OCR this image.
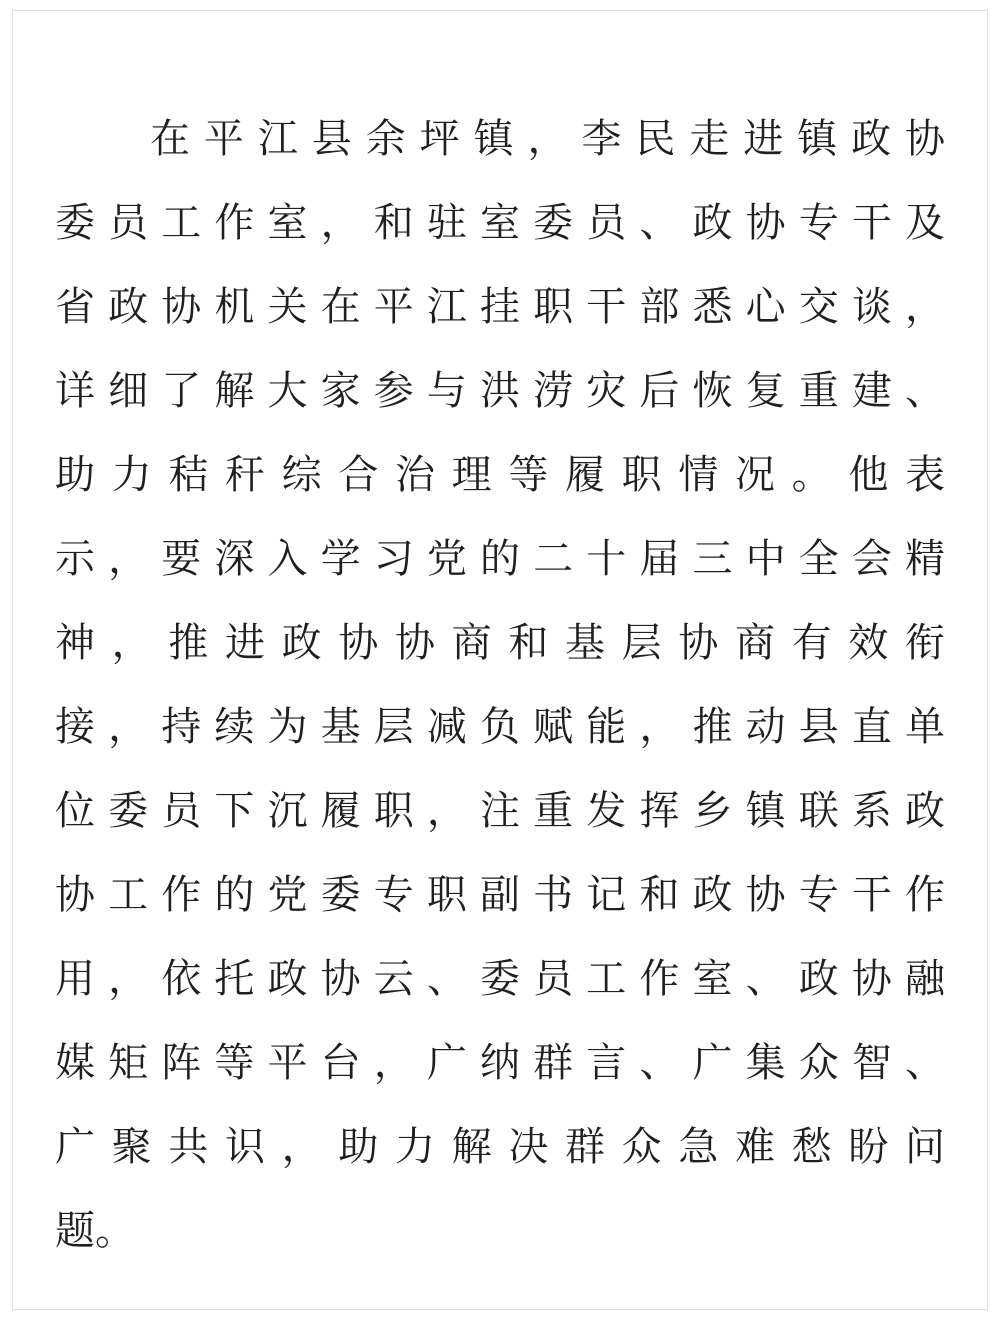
在平江县余坪镇，李民走进镇政协
委员工作室，和驻室委员、政协专干及
省政协机关在平江挂职干部悉心交谈，
详细了解大家参与洪涝灾后恢复重建、
助力秸秆综合治理等履职情况。他表
示，要深入学习党的二十届三中全会精
神，推进政协协商和基层协商有效衔
接，持续为基层减负赋能，推动县直单
位委员下沉履职，注重发挥乡镇联系政
协工作的党委专职副书记和政协专干作
用，依托政协云、委员工作室、政协融
媒矩阵等平台，广纳群言、广集众智、
广聚共识，助力解决群众急难愁盼问
题。
